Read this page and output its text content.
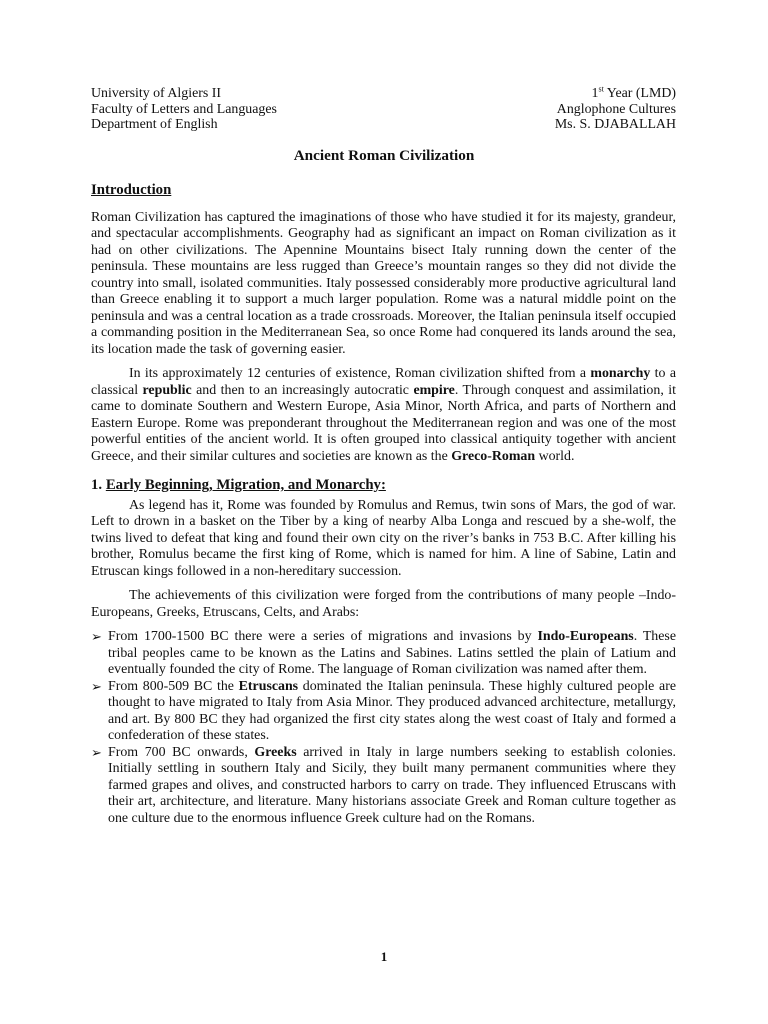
University of Algiers II	1st Year (LMD)
Faculty of Letters and Languages	Anglophone Cultures
Department of English	Ms. S. DJABALLAH
Ancient Roman Civilization
Introduction

Roman Civilization has captured the imaginations of those who have studied it for its majesty, grandeur, and spectacular accomplishments. Geography had as significant an impact on Roman civilization as it had on other civilizations. The Apennine Mountains bisect Italy running down the center of the peninsula. These mountains are less rugged than Greece’s mountain ranges so they did not divide the country into small, isolated communities. Italy possessed considerably more productive agricultural land than Greece enabling it to support a much larger population. Rome was a natural middle point on the peninsula and was a central location as a trade crossroads. Moreover, the Italian peninsula itself occupied a commanding position in the Mediterranean Sea, so once Rome had conquered its lands around the sea, its location made the task of governing easier.

In its approximately 12 centuries of existence, Roman civilization shifted from a monarchy to a classical republic and then to an increasingly autocratic empire. Through conquest and assimilation, it came to dominate Southern and Western Europe, Asia Minor, North Africa, and parts of Northern and Eastern Europe. Rome was preponderant throughout the Mediterranean region and was one of the most powerful entities of the ancient world. It is often grouped into classical antiquity together with ancient Greece, and their similar cultures and societies are known as the Greco-Roman world.

1. Early Beginning, Migration, and Monarchy:

As legend has it, Rome was founded by Romulus and Remus, twin sons of Mars, the god of war. Left to drown in a basket on the Tiber by a king of nearby Alba Longa and rescued by a she-wolf, the twins lived to defeat that king and found their own city on the river’s banks in 753 B.C. After killing his brother, Romulus became the first king of Rome, which is named for him. A line of Sabine, Latin and Etruscan kings followed in a non-hereditary succession.

The achievements of this civilization were forged from the contributions of many people –Indo-Europeans, Greeks, Etruscans, Celts, and Arabs:

➢ From 1700-1500 BC there were a series of migrations and invasions by Indo-Europeans. These tribal peoples came to be known as the Latins and Sabines. Latins settled the plain of Latium and eventually founded the city of Rome. The language of Roman civilization was named after them.
➢ From 800-509 BC the Etruscans dominated the Italian peninsula. These highly cultured people are thought to have migrated to Italy from Asia Minor. They produced advanced architecture, metallurgy, and art. By 800 BC they had organized the first city states along the west coast of Italy and formed a confederation of these states.
➢ From 700 BC onwards, Greeks arrived in Italy in large numbers seeking to establish colonies. Initially settling in southern Italy and Sicily, they built many permanent communities where they farmed grapes and olives, and constructed harbors to carry on trade. They influenced Etruscans with their art, architecture, and literature. Many historians associate Greek and Roman culture together as one culture due to the enormous influence Greek culture had on the Romans.
1
